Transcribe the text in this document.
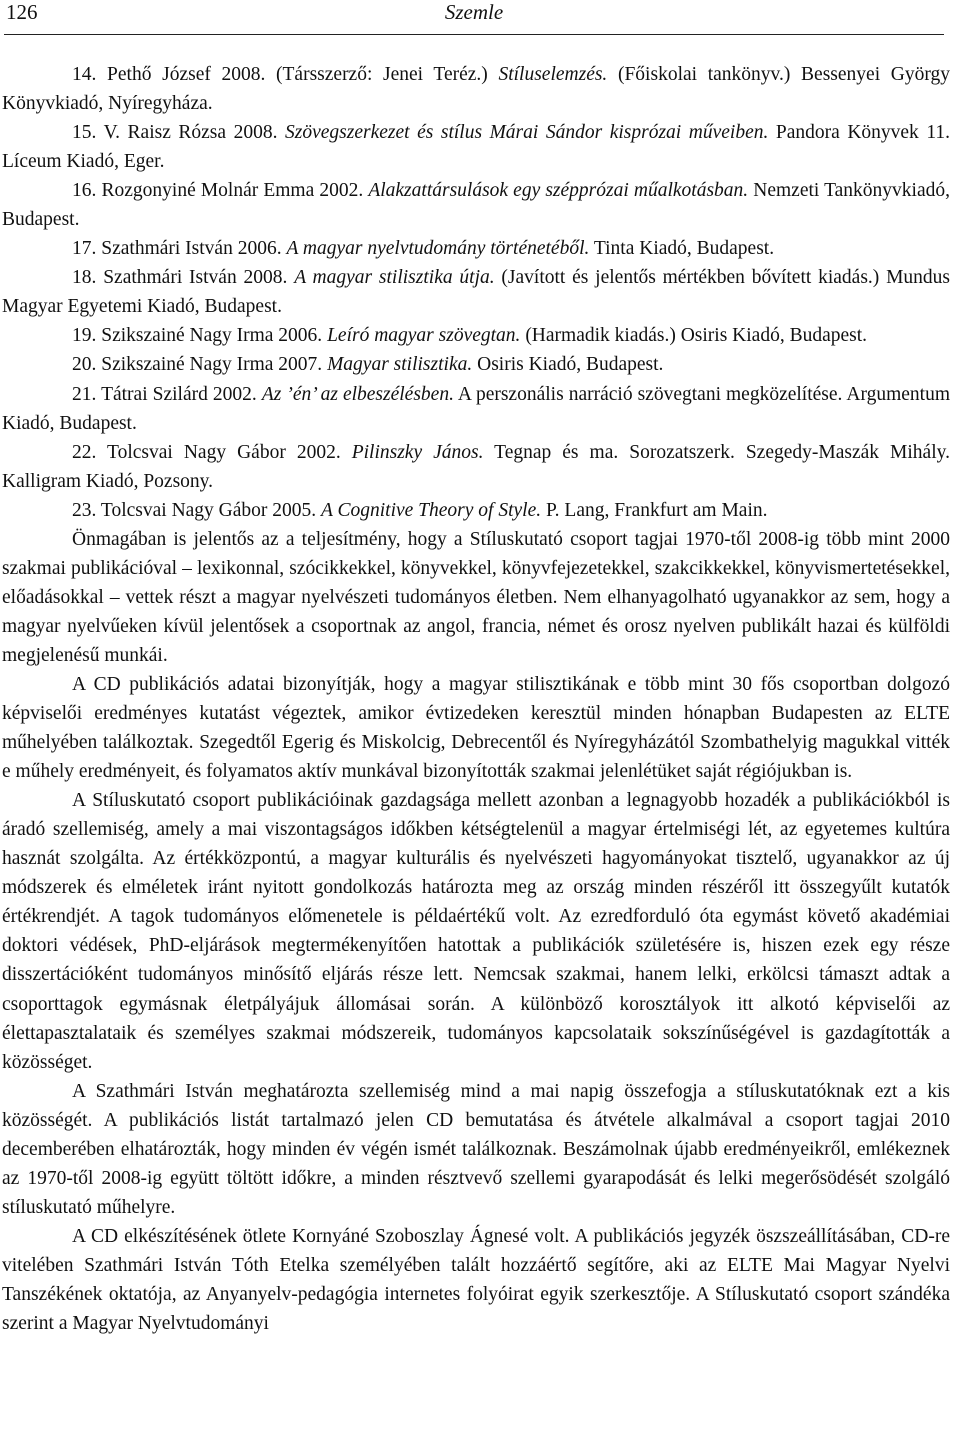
126	Szemle

14. Pethő József 2008. (Társszerző: Jenei Teréz.) Stíluselemzés. (Főiskolai tankönyv.) Bessenyei György Könyvkiadó, Nyíregyháza.

15. V. Raisz Rózsa 2008. Szövegszerkezet és stílus Márai Sándor kisprózai műveiben. Pandora Könyvek 11. Líceum Kiadó, Eger.

16. Rozgonyiné Molnár Emma 2002. Alakzattársulások egy szépprózai műalkotásban. Nemzeti Tankönyvkiadó, Budapest.

17. Szathmári István 2006. A magyar nyelvtudomány történetéből. Tinta Kiadó, Budapest.

18. Szathmári István 2008. A magyar stilisztika útja. (Javított és jelentős mértékben bővített kiadás.) Mundus Magyar Egyetemi Kiadó, Budapest.

19. Szikszainé Nagy Irma 2006. Leíró magyar szövegtan. (Harmadik kiadás.) Osiris Kiadó, Budapest.

20. Szikszainé Nagy Irma 2007. Magyar stilisztika. Osiris Kiadó, Budapest.

21. Tátrai Szilárd 2002. Az ’én’ az elbeszélésben. A perszonális narráció szövegtani megközelítése. Argumentum Kiadó, Budapest.

22. Tolcsvai Nagy Gábor 2002. Pilinszky János. Tegnap és ma. Sorozatszerk. Szegedy-Maszák Mihály. Kalligram Kiadó, Pozsony.

23. Tolcsvai Nagy Gábor 2005. A Cognitive Theory of Style. P. Lang, Frankfurt am Main.

Önmagában is jelentős az a teljesítmény, hogy a Stíluskutató csoport tagjai 1970-től 2008-ig több mint 2000 szakmai publikációval – lexikonnal, szócikkekkel, könyvekkel, könyvfejezetekkel, szakcikkekkel, könyvismertetésekkel, előadásokkal – vettek részt a magyar nyelvészeti tudományos életben. Nem elhanyagolható ugyanakkor az sem, hogy a magyar nyelvűeken kívül jelentősek a csoportnak az angol, francia, német és orosz nyelven publikált hazai és külföldi megjelenésű munkái.

A CD publikációs adatai bizonyítják, hogy a magyar stilisztikának e több mint 30 fős csoportban dolgozó képviselői eredményes kutatást végeztek, amikor évtizedeken keresztül minden hónapban Budapesten az ELTE műhelyében találkoztak. Szegedtől Egerig és Miskolcig, Debrecentől és Nyíregyházától Szombathelyig magukkal vitték e műhely eredményeit, és folyamatos aktív munkával bizonyították szakmai jelenlétüket saját régiójukban is.

A Stíluskutató csoport publikációinak gazdagsága mellett azonban a legnagyobb hozadék a publikációkból is áradó szellemiség, amely a mai viszontagságos időkben kétségtelenül a magyar értelmiségi lét, az egyetemes kultúra hasznát szolgálta. Az értékközpontú, a magyar kulturális és nyelvészeti hagyományokat tisztelő, ugyanakkor az új módszerek és elméletek iránt nyitott gondolkozás határozta meg az ország minden részéről itt összegyűlt kutatók értékrendjét. A tagok tudományos előmenetele is példaértékű volt. Az ezredforduló óta egymást követő akadémiai doktori védések, PhD-eljárások megtermékenyítően hatottak a publikációk születésére is, hiszen ezek egy része disszertációként tudományos minősítő eljárás része lett. Nemcsak szakmai, hanem lelki, erkölcsi támaszt adtak a csoporttagok egymásnak életpályájuk állomásai során. A különböző korosztályok itt alkotó képviselői az élettapasztalataik és személyes szakmai módszereik, tudományos kapcsolataik sokszínűségével is gazdagították a közösséget.

A Szathmári István meghatározta szellemiség mind a mai napig összefogja a stíluskutatóknak ezt a kis közösségét. A publikációs listát tartalmazó jelen CD bemutatása és átvétele alkalmával a csoport tagjai 2010 decemberében elhatározták, hogy minden év végén ismét találkoznak. Beszámolnak újabb eredményeikről, emlékeznek az 1970-től 2008-ig együtt töltött időkre, a minden résztvevő szellemi gyarapodását és lelki megerősödését szolgáló stíluskutató műhelyre.

A CD elkészítésének ötlete Kornyáné Szoboszlay Ágnesé volt. A publikációs jegyzék öszszeállításában, CD-re vitelében Szathmári István Tóth Etelka személyében talált hozzáértő segítőre, aki az ELTE Mai Magyar Nyelvi Tanszékének oktatója, az Anyanyelv-pedagógia internetes folyóirat egyik szerkesztője. A Stíluskutató csoport szándéka szerint a Magyar Nyelvtudományi
